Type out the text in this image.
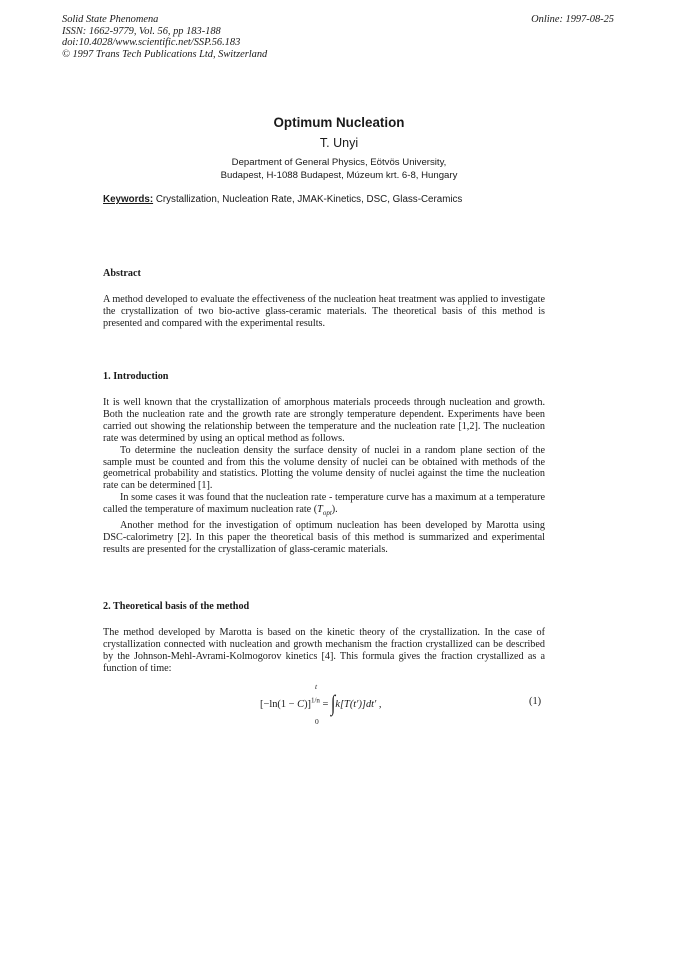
Solid State Phenomena
ISSN: 1662-9779, Vol. 56, pp 183-188
doi:10.4028/www.scientific.net/SSP.56.183
© 1997 Trans Tech Publications Ltd, Switzerland
Online: 1997-08-25
Optimum Nucleation
T. Unyi
Department of General Physics, Eötvös University,
Budapest, H-1088 Budapest, Múzeum krt. 6-8, Hungary
Keywords: Crystallization, Nucleation Rate, JMAK-Kinetics, DSC, Glass-Ceramics
Abstract

A method developed to evaluate the effectiveness of the nucleation heat treatment was applied to investigate the crystallization of two bio-active glass-ceramic materials. The theoretical basis of this method is presented and compared with the experimental results.

1. Introduction

It is well known that the crystallization of amorphous materials proceeds through nucleation and growth. Both the nucleation rate and the growth rate are strongly temperature dependent. Experiments have been carried out showing the relationship between the temperature and the nucleation rate [1,2]. The nucleation rate was determined by using an optical method as follows.

To determine the nucleation density the surface density of nuclei in a random plane section of the sample must be counted and from this the volume density of nuclei can be obtained with methods of the geometrical probability and statistics. Plotting the volume density of nuclei against the time the nucleation rate can be determined [1].

In some cases it was found that the nucleation rate - temperature curve has a maximum at a temperature called the temperature of maximum nucleation rate $(T_{opt})$.

Another method for the investigation of optimum nucleation has been developed by Marotta using DSC-calorimetry [2]. In this paper the theoretical basis of this method is summarized and experimental results are presented for the crystallization of glass-ceramic materials.

2. Theoretical basis of the method

The method developed by Marotta is based on the kinetic theory of the crystallization. In the case of crystallization connected with nucleation and growth mechanism the fraction crystallized can be described by the Johnson-Mehl-Avrami-Kolmogorov kinetics [4]. This formula gives the fraction crystallized as a function of time:

t
$[-\ln(1 - C)]^{1/n} = \int k[T(t')]dt'$ ,
0
(1)
